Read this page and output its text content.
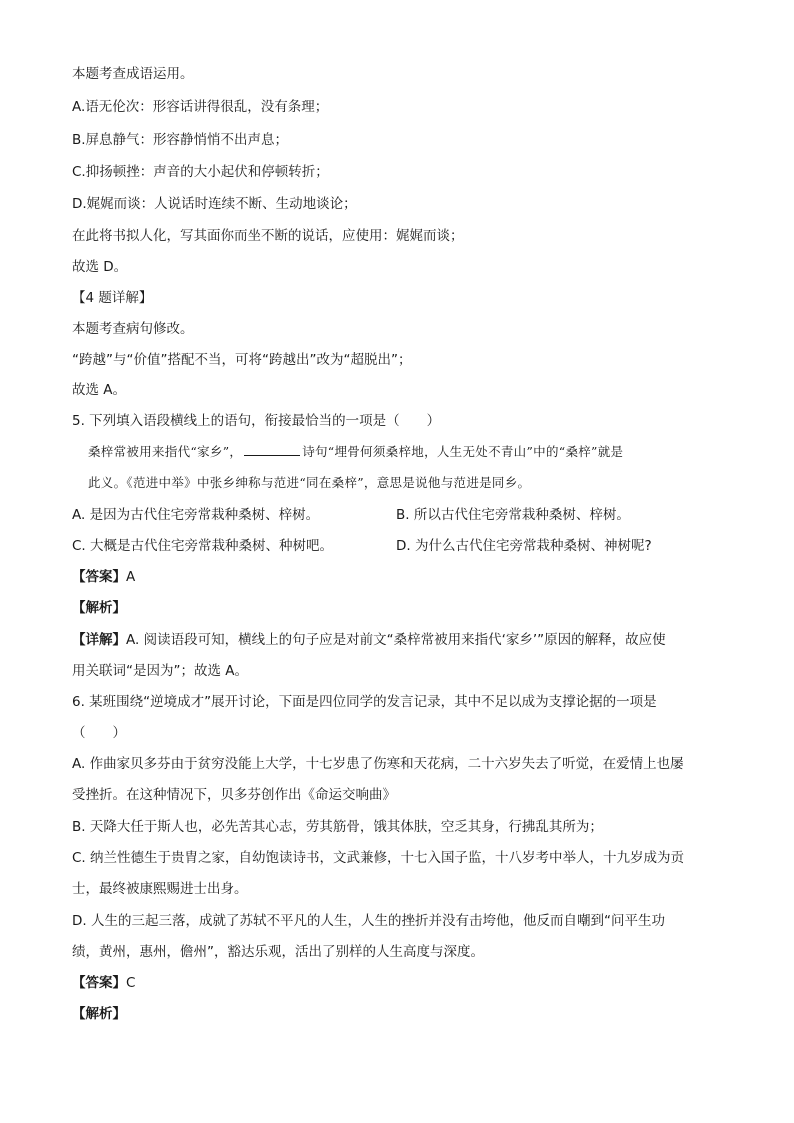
本题考查成语运用。
A.语无伦次：形容话讲得很乱，没有条理；
B.屏息静气：形容静悄悄不出声息；
C.抑扬顿挫：声音的大小起伏和停顿转折；
D.娓娓而谈：人说话时连续不断、生动地谈论；
在此将书拟人化，写其面你而坐不断的说话，应使用：娓娓而谈；
故选 D。
【4 题详解】
本题考查病句修改。
“跨越”与“价值”搭配不当，可将“跨越出”改为“超脱出”；
故选 A。
5. 下列填入语段横线上的语句，衔接最恰当的一项是（　　）
桑梓常被用来指代“家乡”，	诗句“埋骨何须桑梓地，人生无处不青山”中的“桑梓”就是
此义。《范进中举》中张乡绅称与范进“同在桑梓”，意思是说他与范进是同乡。
A. 是因为古代住宅旁常栽种桑树、梓树。	B. 所以古代住宅旁常栽种桑树、梓树。
C. 大概是古代住宅旁常栽种桑树、种树吧。	D. 为什么古代住宅旁常栽种桑树、神树呢?
【答案】A
【解析】
【详解】A. 阅读语段可知，横线上的句子应是对前文“桑梓常被用来指代‘家乡’”原因的解释，故应使
用关联词“是因为”；故选 A。
6. 某班围绕“逆境成才”展开讨论，下面是四位同学的发言记录，其中不足以成为支撑论据的一项是
（　　）
A. 作曲家贝多芬由于贫穷没能上大学，十七岁患了伤寒和天花病，二十六岁失去了听觉，在爱情上也屡
受挫折。在这种情况下，贝多芬创作出《命运交响曲》
B. 天降大任于斯人也，必先苦其心志，劳其筋骨，饿其体肤，空乏其身，行拂乱其所为；
C. 纳兰性德生于贵胄之家，自幼饱读诗书，文武兼修，十七入国子监，十八岁考中举人，十九岁成为贡
士，最终被康熙赐进士出身。
D. 人生的三起三落，成就了苏轼不平凡的人生，人生的挫折并没有击垮他，他反而自嘲到“问平生功
绩，黄州，惠州，儋州”，豁达乐观，活出了别样的人生高度与深度。
【答案】C
【解析】
